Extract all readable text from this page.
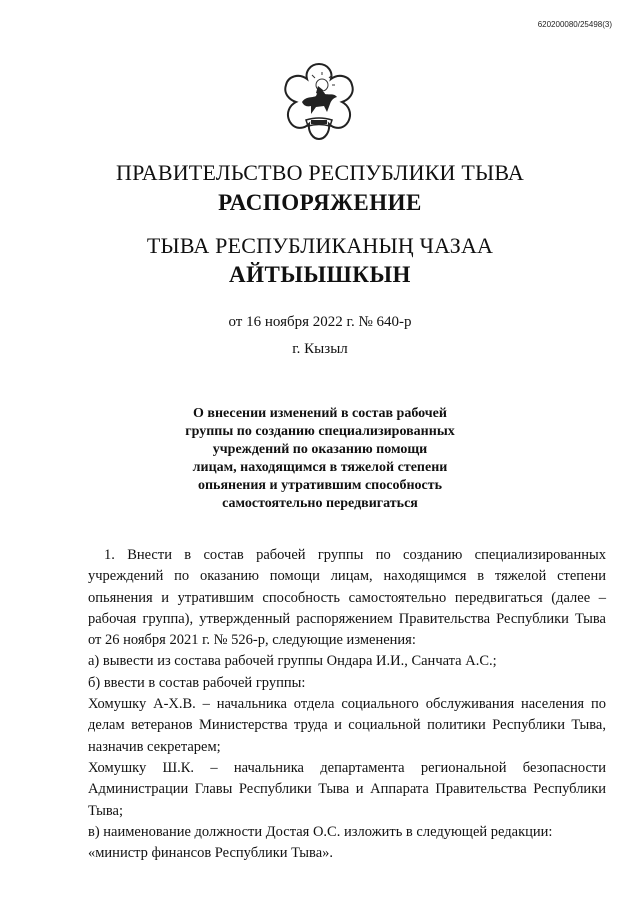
620200080/25498(3)
ПРАВИТЕЛЬСТВО РЕСПУБЛИКИ ТЫВА
РАСПОРЯЖЕНИЕ
ТЫВА РЕСПУБЛИКАНЫҢ ЧАЗАА
АЙТЫЫШКЫН
от 16 ноября 2022 г. № 640-р
г. Кызыл
О внесении изменений в состав рабочей
группы по созданию специализированных
учреждений по оказанию помощи
лицам, находящимся в тяжелой степени
опьянения и утратившим способность
самостоятельно передвигаться

1. Внести в состав рабочей группы по созданию специализированных учреждений по оказанию помощи лицам, находящимся в тяжелой степени опьянения и утратившим способность самостоятельно передвигаться (далее – рабочая группа), утвержденный распоряжением Правительства Республики Тыва от 26 ноября 2021 г. № 526-р, следующие изменения:

а) вывести из состава рабочей группы Ондара И.И., Санчата А.С.;

б) ввести в состав рабочей группы:

Хомушку А-Х.В. – начальника отдела социального обслуживания населения по делам ветеранов Министерства труда и социальной политики Республики Тыва, назначив секретарем;

Хомушку Ш.К. – начальника департамента региональной безопасности Администрации Главы Республики Тыва и Аппарата Правительства Республики Тыва;

в) наименование должности Достая О.С. изложить в следующей редакции:

«министр финансов Республики Тыва».
